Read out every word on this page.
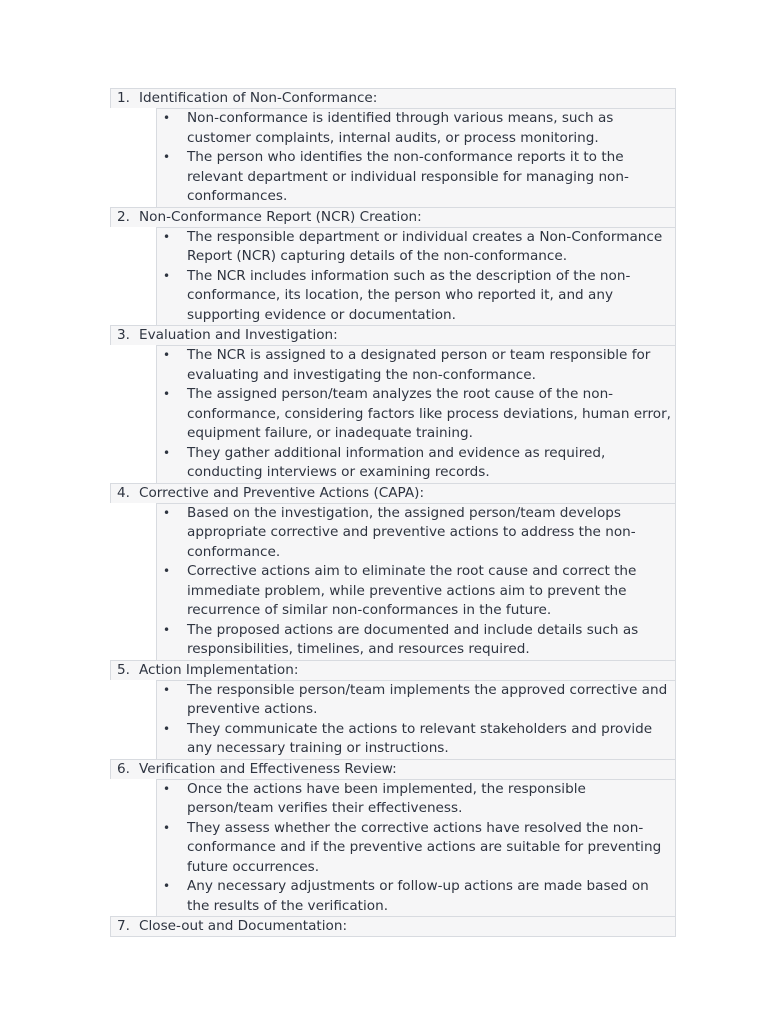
1. Identification of Non-Conformance:
• Non-conformance is identified through various means, such as customer complaints, internal audits, or process monitoring.
• The person who identifies the non-conformance reports it to the relevant department or individual responsible for managing non-conformances.
2. Non-Conformance Report (NCR) Creation:
• The responsible department or individual creates a Non-Conformance Report (NCR) capturing details of the non-conformance.
• The NCR includes information such as the description of the non-conformance, its location, the person who reported it, and any supporting evidence or documentation.
3. Evaluation and Investigation:
• The NCR is assigned to a designated person or team responsible for evaluating and investigating the non-conformance.
• The assigned person/team analyzes the root cause of the non-conformance, considering factors like process deviations, human error, equipment failure, or inadequate training.
• They gather additional information and evidence as required, conducting interviews or examining records.
4. Corrective and Preventive Actions (CAPA):
• Based on the investigation, the assigned person/team develops appropriate corrective and preventive actions to address the non-conformance.
• Corrective actions aim to eliminate the root cause and correct the immediate problem, while preventive actions aim to prevent the recurrence of similar non-conformances in the future.
• The proposed actions are documented and include details such as responsibilities, timelines, and resources required.
5. Action Implementation:
• The responsible person/team implements the approved corrective and preventive actions.
• They communicate the actions to relevant stakeholders and provide any necessary training or instructions.
6. Verification and Effectiveness Review:
• Once the actions have been implemented, the responsible person/team verifies their effectiveness.
• They assess whether the corrective actions have resolved the non-conformance and if the preventive actions are suitable for preventing future occurrences.
• Any necessary adjustments or follow-up actions are made based on the results of the verification.
7. Close-out and Documentation:
